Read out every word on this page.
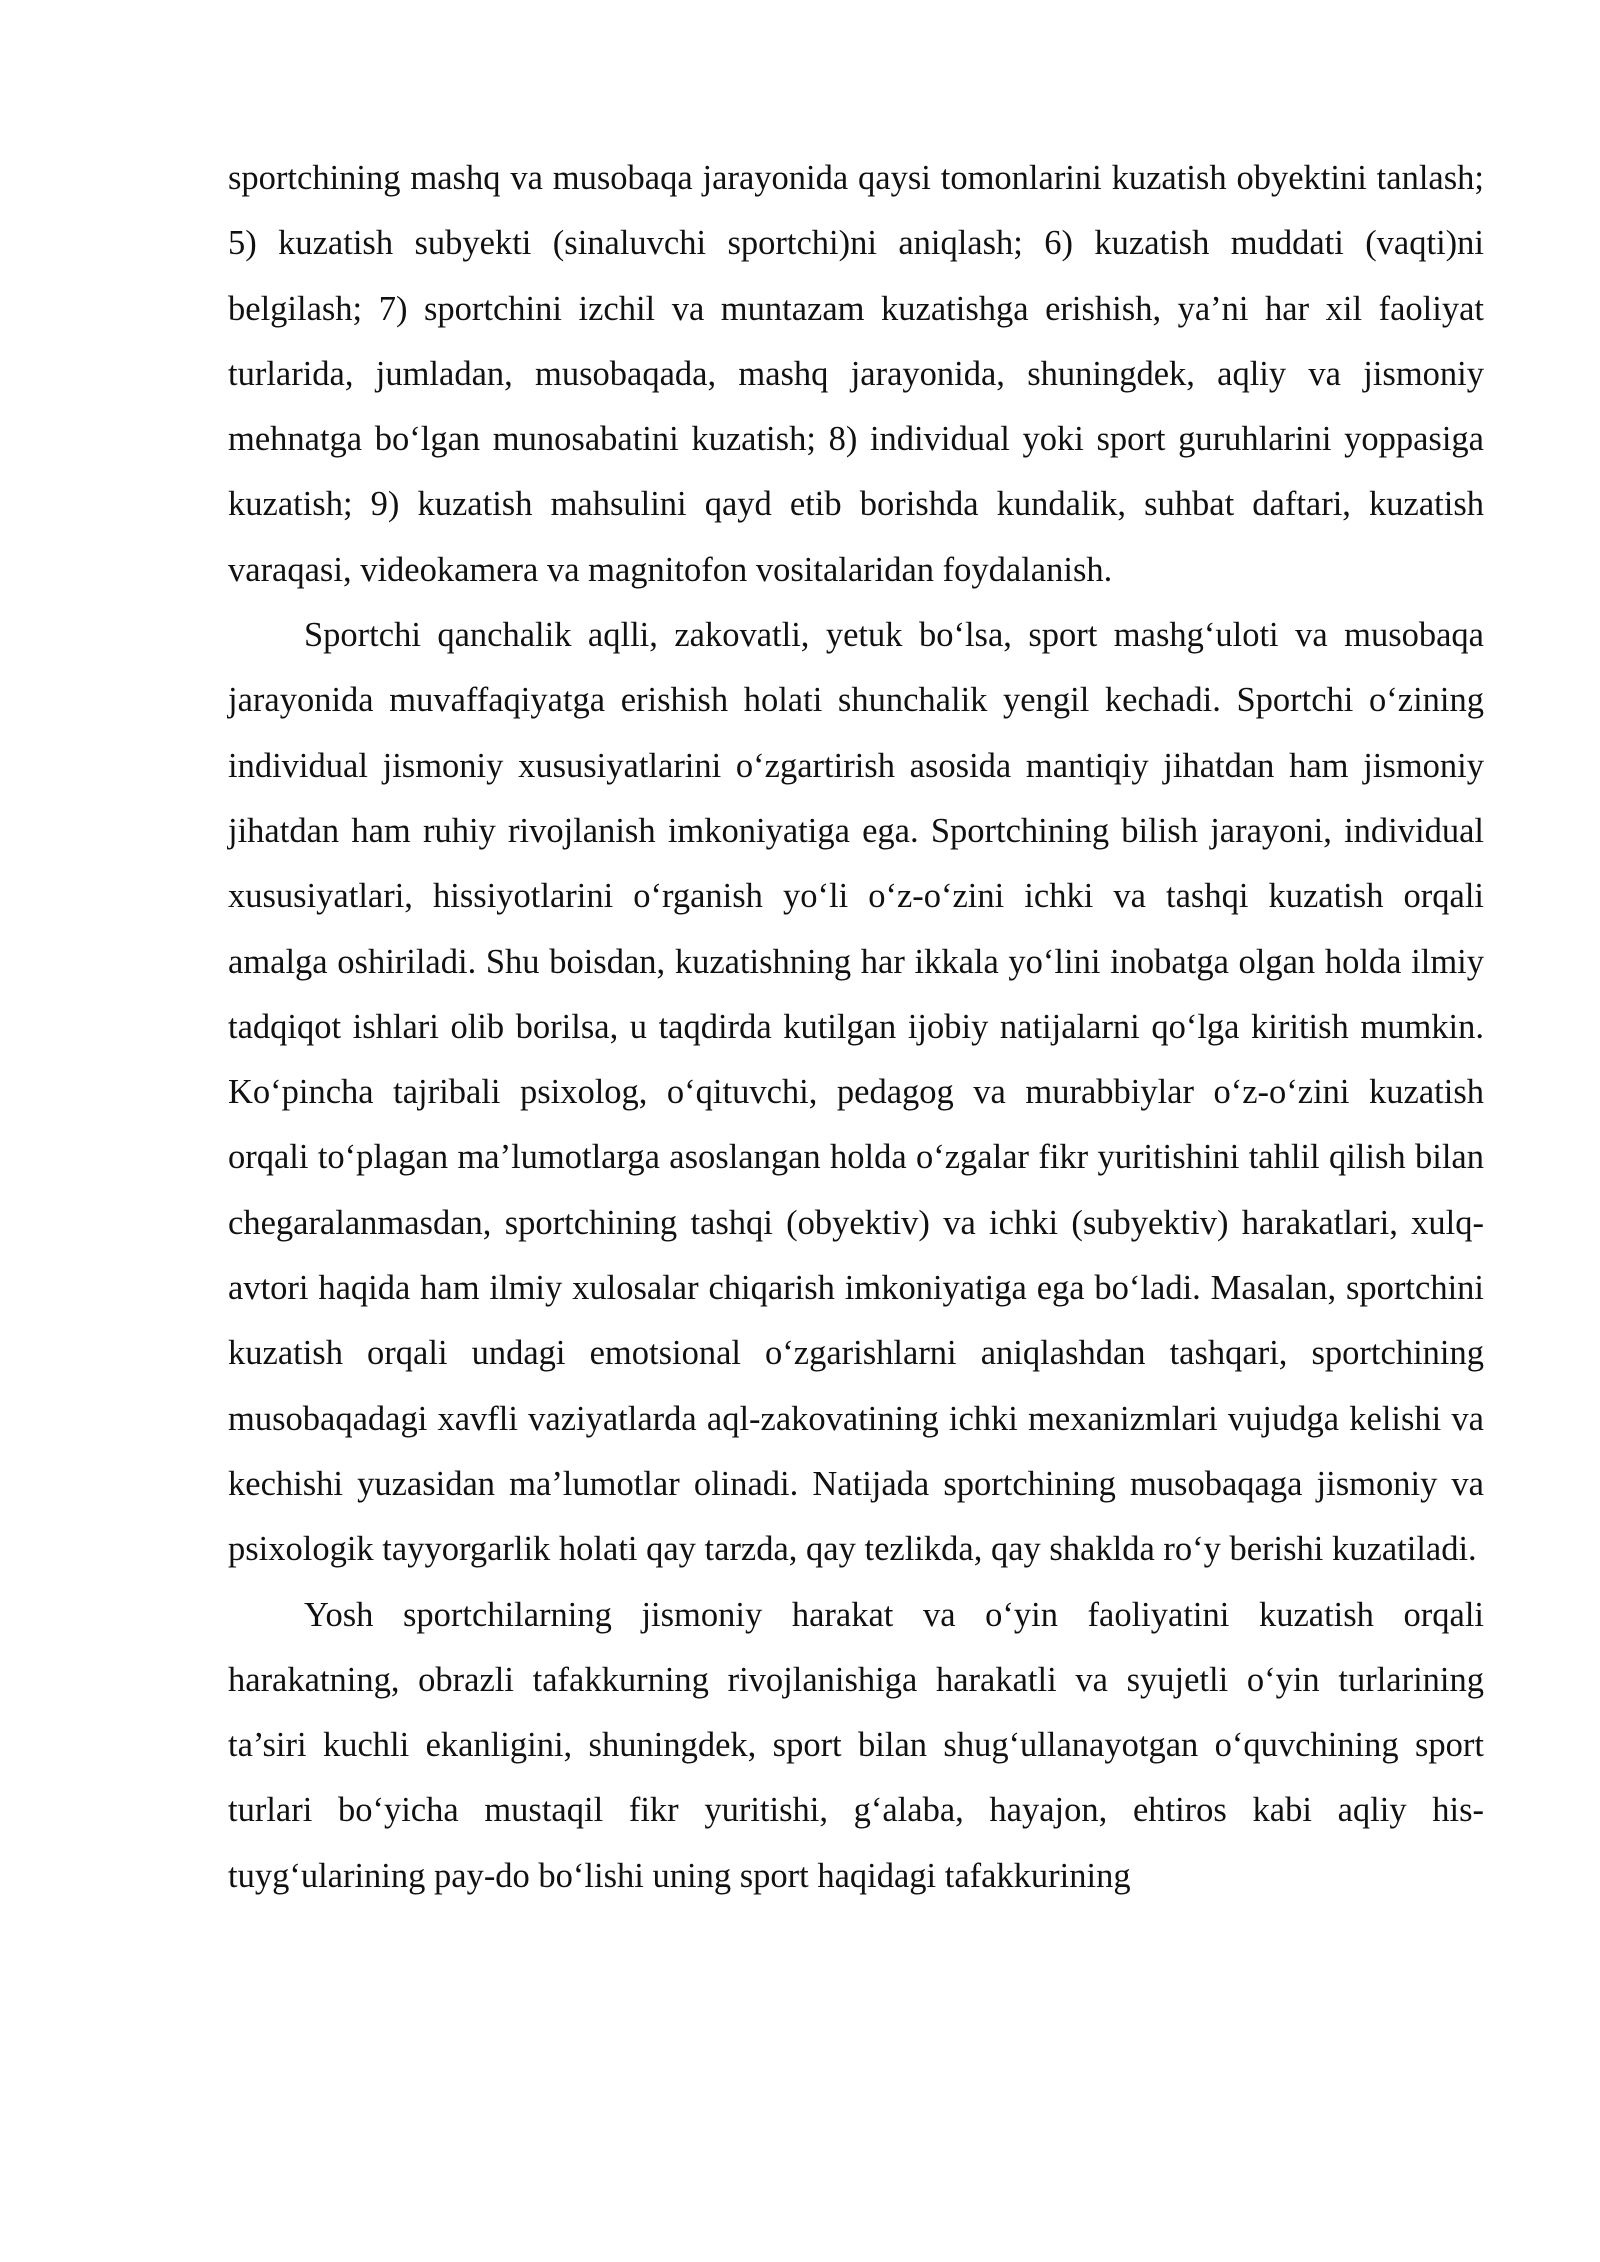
sportchining mashq va musobaqa jarayonida qaysi tomonlarini kuzatish obyektini tanlash; 5) kuzatish subyekti (sinaluvchi sportchi)ni aniqlash; 6) kuzatish muddati (vaqti)ni belgilash; 7) sportchini izchil va muntazam kuzatishga erishish, ya’ni har xil faoliyat turlarida, jumladan, musobaqada, mashq jarayonida, shuningdek, aqliy va jismoniy mehnatga bo‘lgan munosabatini kuzatish; 8) individual yoki sport guruhlarini yoppasiga kuzatish; 9) kuzatish mahsulini qayd etib borishda kundalik, suhbat daftari, kuzatish varaqasi, videokamera va magnitofon vositalaridan foydalanish.

Sportchi qanchalik aqlli, zakovatli, yetuk bo‘lsa, sport mashg‘uloti va musobaqa jarayonida muvaffaqiyatga erishish holati shunchalik yengil kechadi. Sportchi o‘zining individual jismoniy xususiyatlarini o‘zgartirish asosida mantiqiy jihatdan ham jismoniy jihatdan ham ruhiy rivojlanish imkoniyatiga ega. Sportchining bilish jarayoni, individual xususiyatlari, hissiyotlarini o‘rganish yo‘li o‘z-o‘zini ichki va tashqi kuzatish orqali amalga oshiriladi. Shu boisdan, kuzatishning har ikkala yo‘lini inobatga olgan holda ilmiy tadqiqot ishlari olib borilsa, u taqdirda kutilgan ijobiy natijalarni qo‘lga kiritish mumkin. Ko‘pincha tajribali psixolog, o‘qituvchi, pedagog va murabbiylar o‘z-o‘zini kuzatish orqali to‘plagan ma’lumotlarga asoslangan holda o‘zgalar fikr yuritishini tahlil qilish bilan chegaralanmasdan, sportchining tashqi (obyektiv) va ichki (subyektiv) harakatlari, xulq-avtori haqida ham ilmiy xulosalar chiqarish imkoniyatiga ega bo‘ladi. Masalan, sportchini kuzatish orqali undagi emotsional o‘zgarishlarni aniqlashdan tashqari, sportchining musobaqadagi xavfli vaziyatlarda aql-zakovatining ichki mexanizmlari vujudga kelishi va kechishi yuzasidan ma’lumotlar olinadi. Natijada sportchining musobaqaga jismoniy va psixologik tayyorgarlik holati qay tarzda, qay tezlikda, qay shaklda ro‘y berishi kuzatiladi.

Yosh sportchilarning jismoniy harakat va o‘yin faoliyatini kuzatish orqali harakatning, obrazli tafakkurning rivojlanishiga harakatli va syujetli o‘yin turlarining ta’siri kuchli ekanligini, shuningdek, sport bilan shug‘ullanayotgan o‘quvchining sport turlari bo‘yicha mustaqil fikr yuritishi, g‘alaba, hayajon, ehtiros kabi aqliy his-tuyg‘ularining pay-do bo‘lishi uning sport haqidagi tafakkurining
